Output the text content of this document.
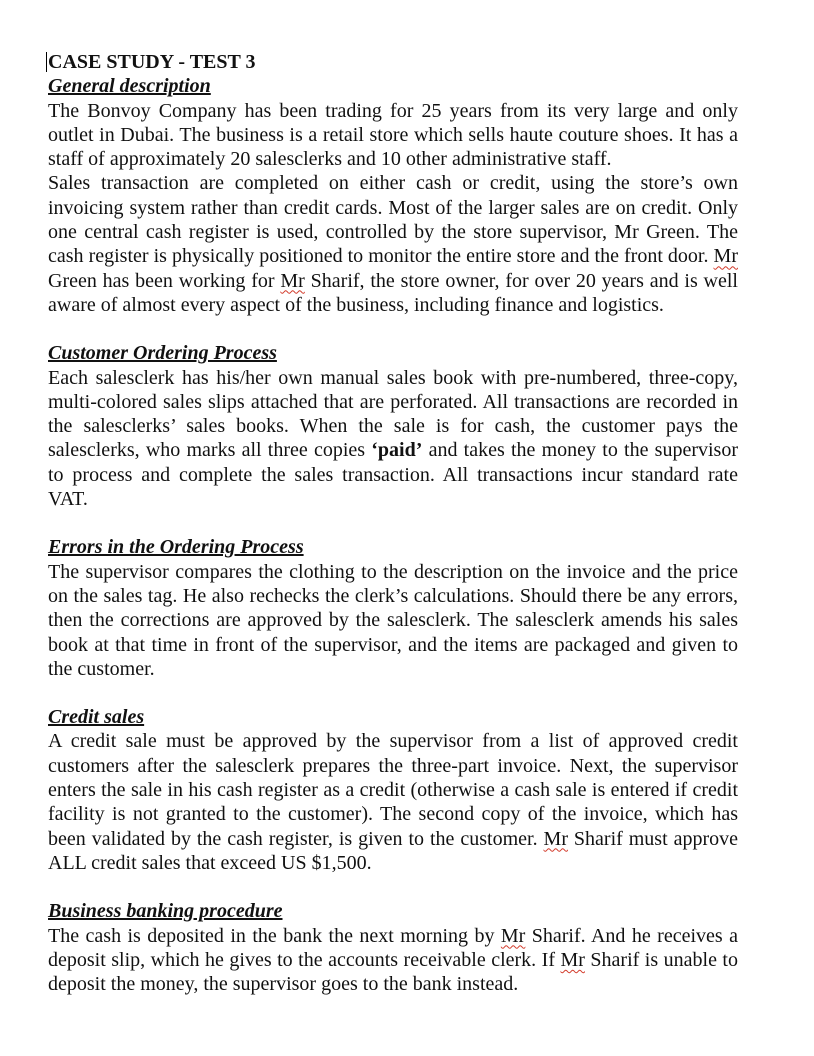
CASE STUDY - TEST 3

General description

The Bonvoy Company has been trading for 25 years from its very large and only outlet in Dubai. The business is a retail store which sells haute couture shoes. It has a staff of approximately 20 salesclerks and 10 other administrative staff.

Sales transaction are completed on either cash or credit, using the store’s own invoicing system rather than credit cards. Most of the larger sales are on credit. Only one central cash register is used, controlled by the store supervisor, Mr Green. The cash register is physically positioned to monitor the entire store and the front door. Mr Green has been working for Mr Sharif, the store owner, for over 20 years and is well aware of almost every aspect of the business, including finance and logistics.

Customer Ordering Process

Each salesclerk has his/her own manual sales book with pre-numbered, three-copy, multi-colored sales slips attached that are perforated. All transactions are recorded in the salesclerks’ sales books. When the sale is for cash, the customer pays the salesclerks, who marks all three copies ‘paid’ and takes the money to the supervisor to process and complete the sales transaction. All transactions incur standard rate VAT.

Errors in the Ordering Process

The supervisor compares the clothing to the description on the invoice and the price on the sales tag. He also rechecks the clerk’s calculations. Should there be any errors, then the corrections are approved by the salesclerk. The salesclerk amends his sales book at that time in front of the supervisor, and the items are packaged and given to the customer.

Credit sales

A credit sale must be approved by the supervisor from a list of approved credit customers after the salesclerk prepares the three-part invoice. Next, the supervisor enters the sale in his cash register as a credit (otherwise a cash sale is entered if credit facility is not granted to the customer). The second copy of the invoice, which has been validated by the cash register, is given to the customer. Mr Sharif must approve ALL credit sales that exceed US $1,500.

Business banking procedure

The cash is deposited in the bank the next morning by Mr Sharif. And he receives a deposit slip, which he gives to the accounts receivable clerk. If Mr Sharif is unable to deposit the money, the supervisor goes to the bank instead.
